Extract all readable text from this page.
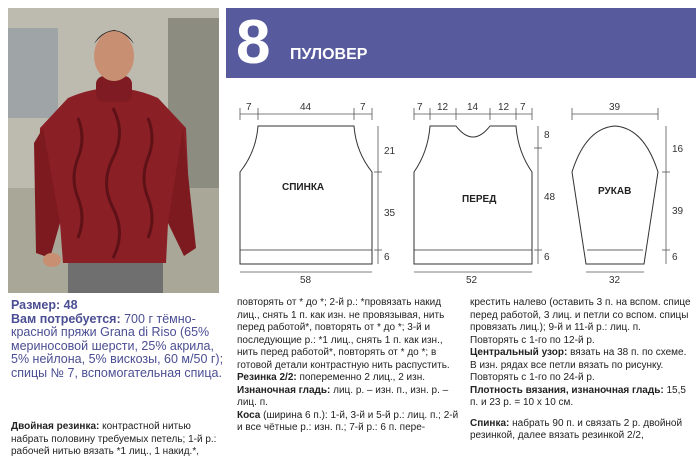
8	ПУЛОВЕР
7	44	7
СПИНКА
21
35
6
58
7 12 14 12 7
ПЕРЕД
8
48
6
52
39
РУКАВ
16
39
6
32
Размер: 48
Вам потребуется: 700 г тёмно-красной пряжи Grana di Riso (65% мериносовой шерсти, 25% акрила, 5% нейлона, 5% вискозы, 60 м/50 г); спицы № 7, вспомогательная спица.
Двойная резинка: контрастной нитью набрать половину требуемых петель; 1-й р.: рабочей нитью вязать *1 лиц., 1 накид.*,
повторять от * до *; 2-й р.: *провязать накид лиц., снять 1 п. как изн. не провязывая, нить перед работой*, повторять от * до *; 3-й и последующие р.: *1 лиц., снять 1 п. как изн., нить перед работой*, повторять от * до *; в готовой детали контрастную нить распустить.
Резинка 2/2: попеременно 2 лиц., 2 изн.
Изнаночная гладь: лиц. р. – изн. п., изн. р. – лиц. п.
Коса (ширина 6 п.): 1-й, 3-й и 5-й р.: лиц. п.; 2-й и все чётные р.: изн. п.; 7-й р.: 6 п. пере-
крестить налево (оставить 3 п. на вспом. спице перед работой, 3 лиц. и петли со вспом. спицы провязать лиц.); 9-й и 11-й р.: лиц. п. Повторять с 1-го по 12-й р.
Центральный узор: вязать на 38 п. по схеме. В изн. рядах все петли вязать по рисунку. Повторять с 1-го по 24-й р.
Плотность вязания, изнаночная гладь: 15,5 п. и 23 р. = 10 х 10 см.
Спинка: набрать 90 п. и связать 2 р. двойной резинкой, далее вязать резинкой 2/2,
